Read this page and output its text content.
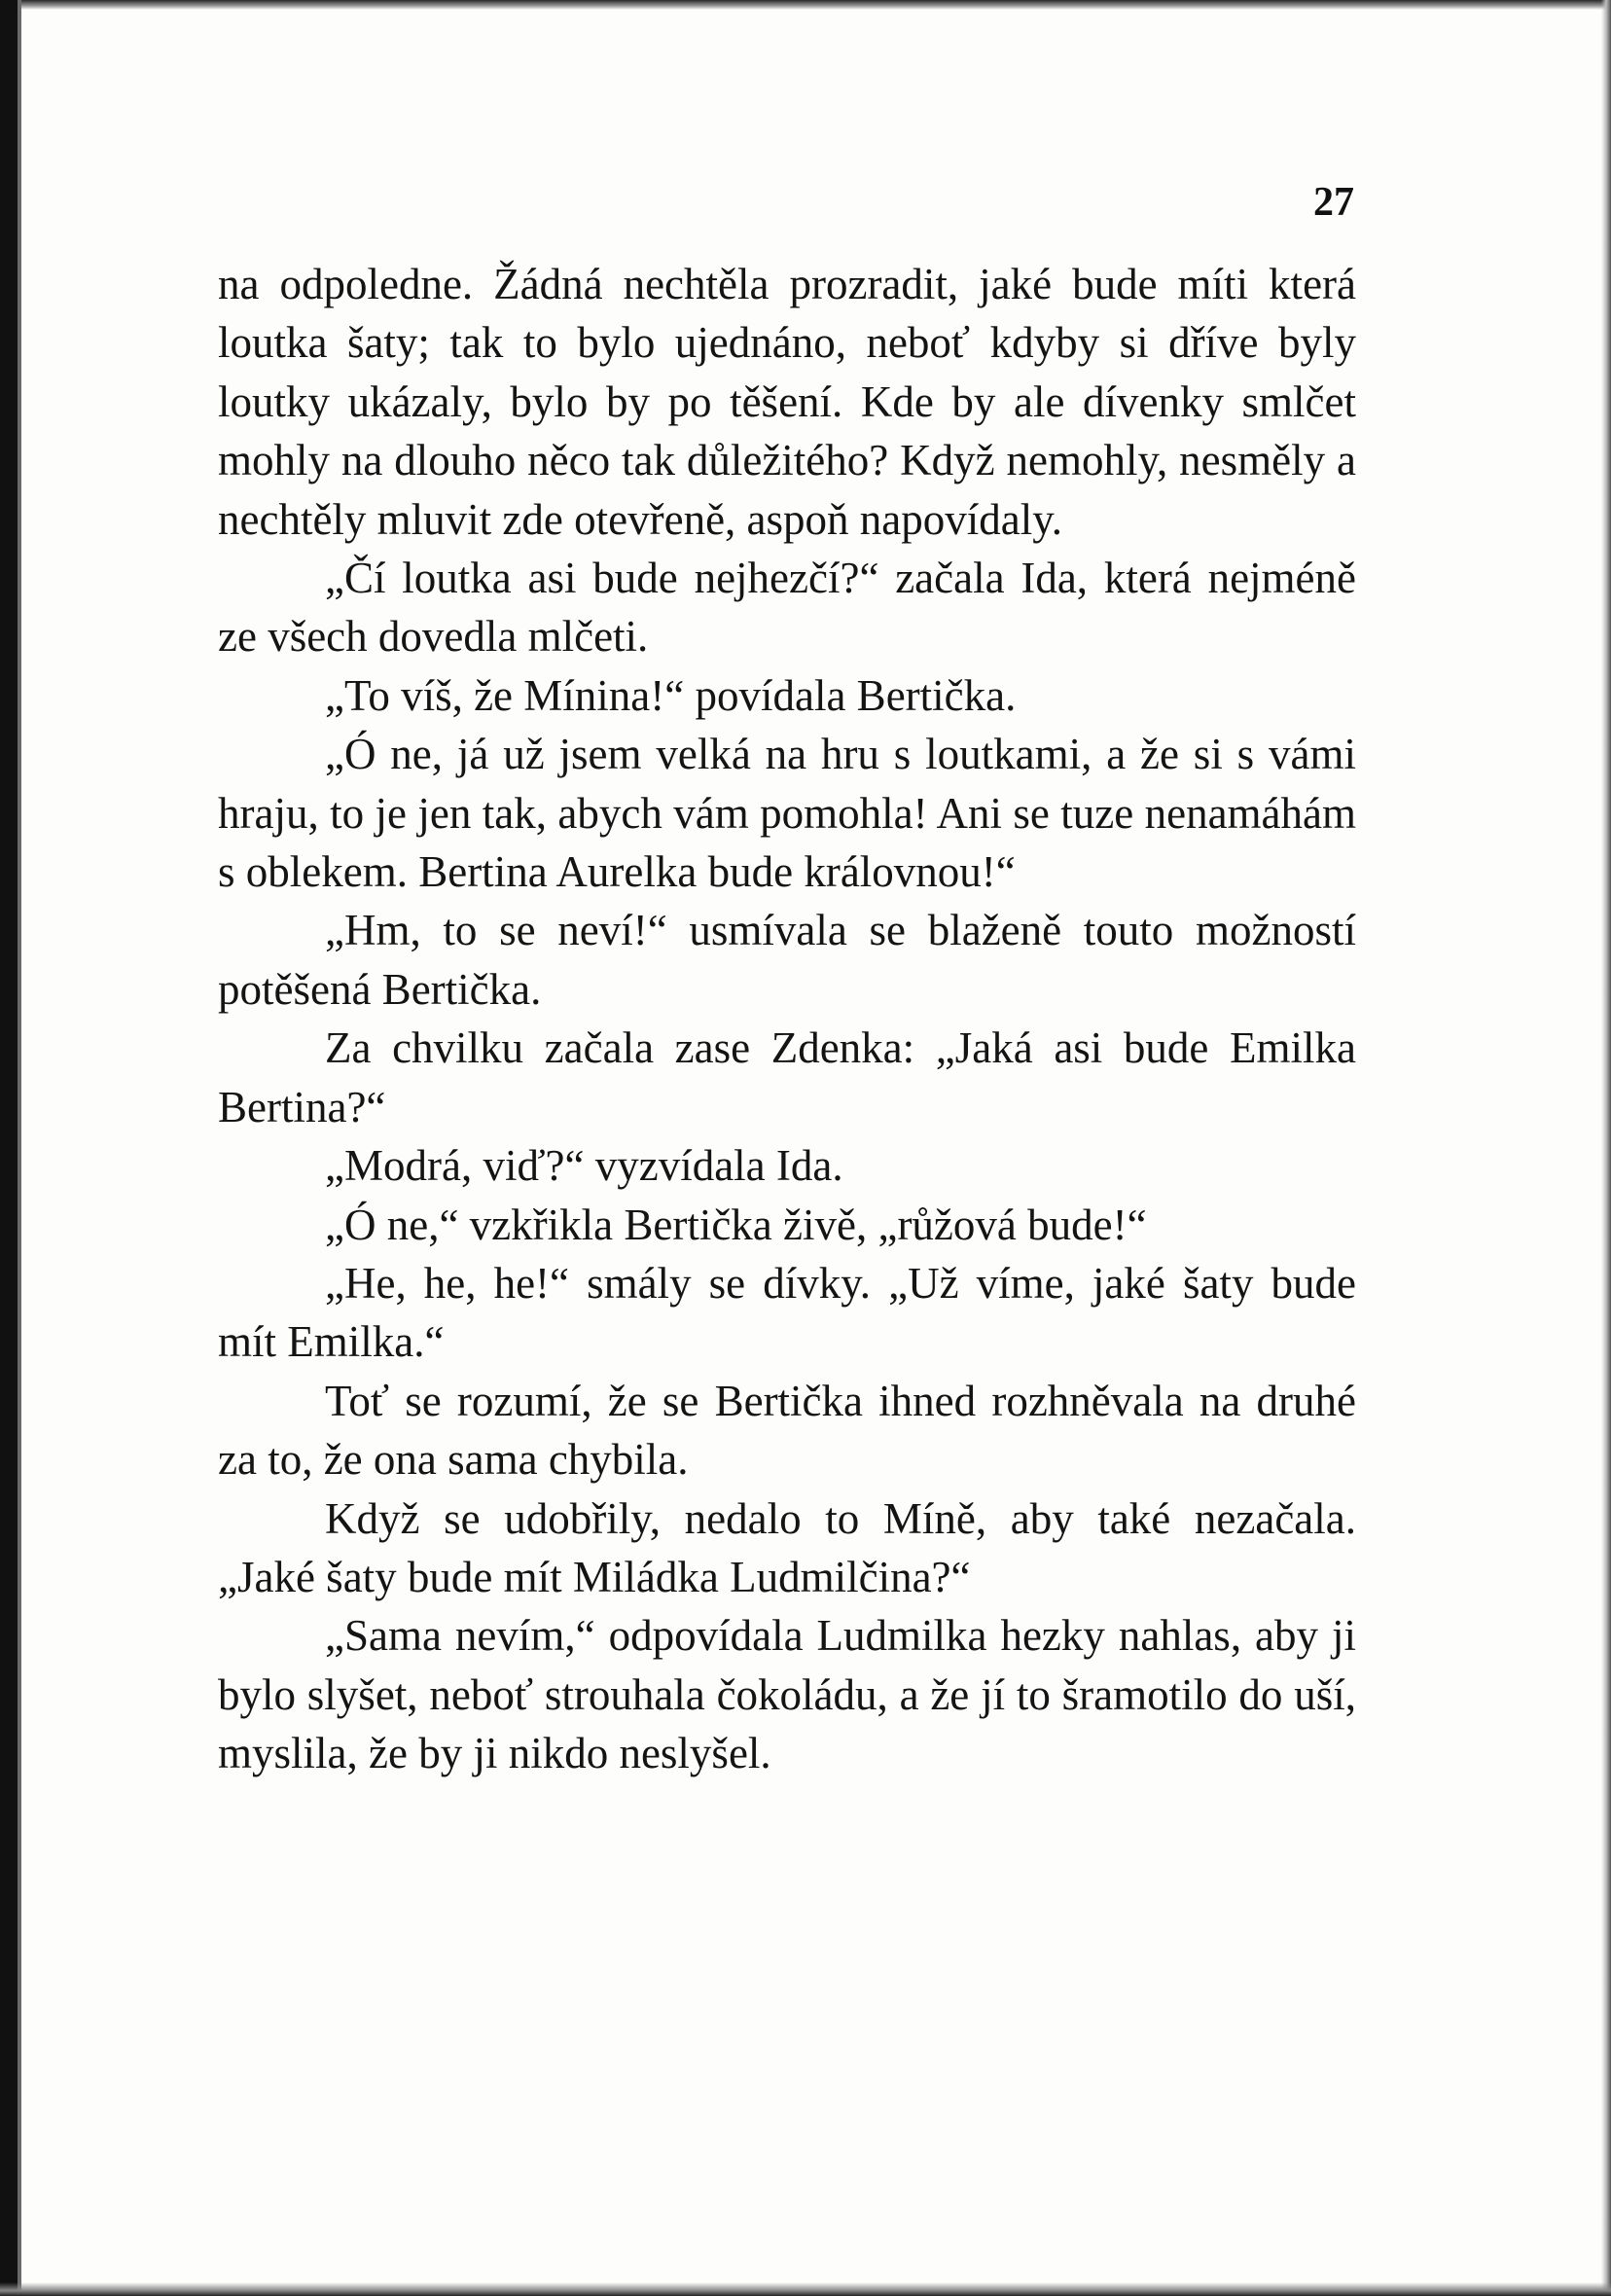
27

na odpoledne. Žádná nechtěla prozradit, jaké bude míti která loutka šaty; tak to bylo ujednáno, neboť kdyby si dříve byly loutky ukázaly, bylo by po těšení. Kde by ale dívenky smlčet mohly na dlouho něco tak důležitého? Když nemohly, nesměly a nechtěly mluvit zde otevřeně, aspoň napovídaly.

„Čí loutka asi bude nejhezčí?“ začala Ida, která nejméně ze všech dovedla mlčeti.

„To víš, že Mínina!“ povídala Bertička.

„Ó ne, já už jsem velká na hru s loutkami, a že si s vámi hraju, to je jen tak, abych vám pomohla! Ani se tuze nenamáhám s oblekem. Bertina Aurelka bude královnou!“

„Hm, to se neví!“ usmívala se blaženě touto možností potěšená Bertička.

Za chvilku začala zase Zdenka: „Jaká asi bude Emilka Bertina?“

„Modrá, viď?“ vyzvídala Ida.

„Ó ne,“ vzkřikla Bertička živě, „růžová bude!“

„He, he, he!“ smály se dívky. „Už víme, jaké šaty bude mít Emilka.“

Toť se rozumí, že se Bertička ihned rozhněvala na druhé za to, že ona sama chybila.

Když se udobřily, nedalo to Míně, aby také nezačala. „Jaké šaty bude mít Miládka Ludmilčina?“

„Sama nevím,“ odpovídala Ludmilka hezky nahlas, aby ji bylo slyšet, neboť strouhala čokoládu, a že jí to šramotilo do uší, myslila, že by ji nikdo neslyšel.
